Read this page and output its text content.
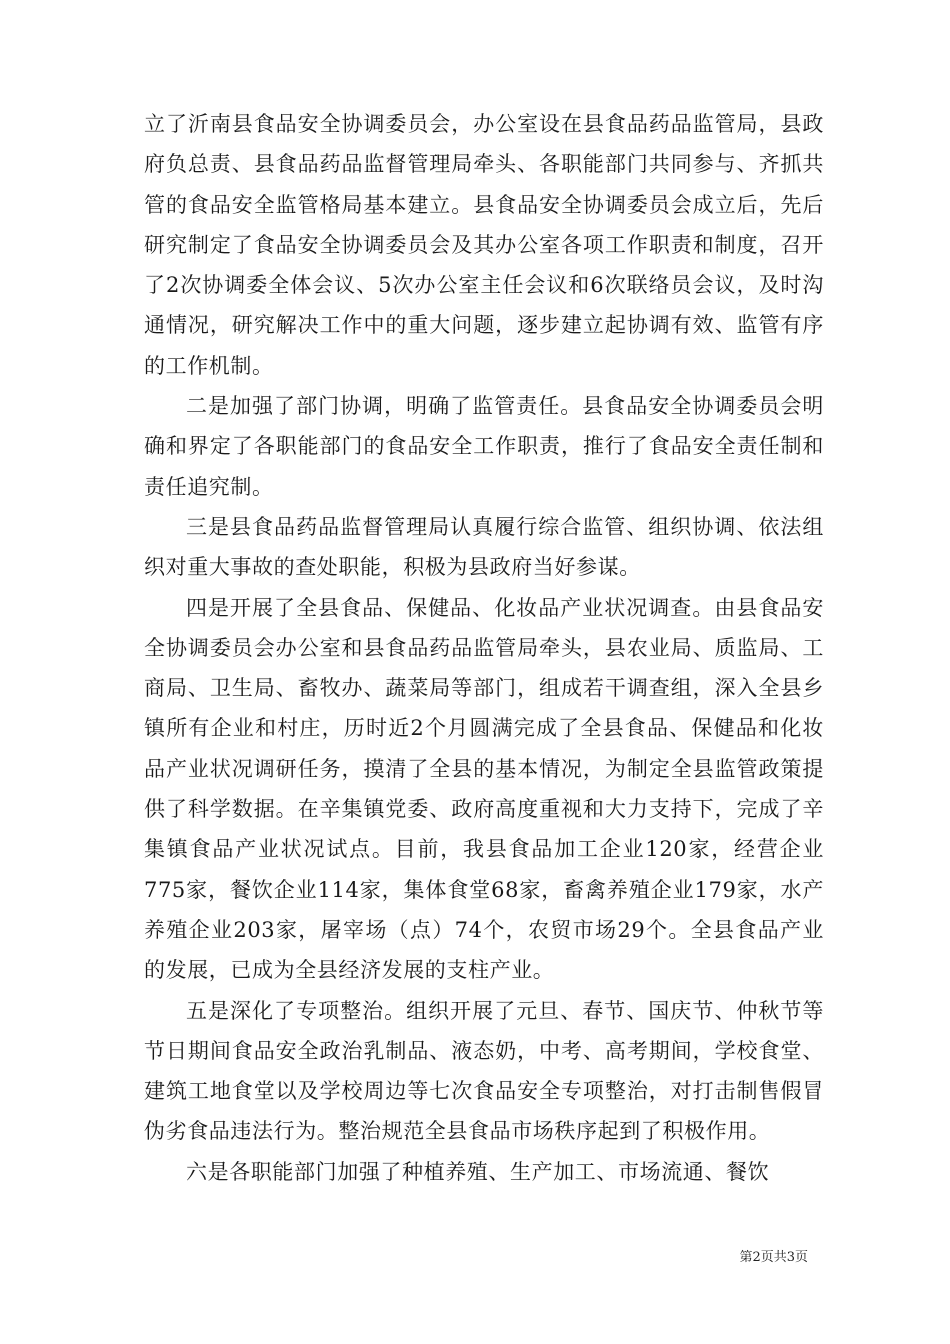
立了沂南县食品安全协调委员会，办公室设在县食品药品监管局，县政府负总责、县食品药品监督管理局牵头、各职能部门共同参与、齐抓共管的食品安全监管格局基本建立。县食品安全协调委员会成立后，先后研究制定了食品安全协调委员会及其办公室各项工作职责和制度，召开了2次协调委全体会议、5次办公室主任会议和6次联络员会议，及时沟通情况，研究解决工作中的重大问题，逐步建立起协调有效、监管有序的工作机制。

二是加强了部门协调，明确了监管责任。县食品安全协调委员会明确和界定了各职能部门的食品安全工作职责，推行了食品安全责任制和责任追究制。

三是县食品药品监督管理局认真履行综合监管、组织协调、依法组织对重大事故的查处职能，积极为县政府当好参谋。

四是开展了全县食品、保健品、化妆品产业状况调查。由县食品安全协调委员会办公室和县食品药品监管局牵头，县农业局、质监局、工商局、卫生局、畜牧办、蔬菜局等部门，组成若干调查组，深入全县乡镇所有企业和村庄，历时近2个月圆满完成了全县食品、保健品和化妆品产业状况调研任务，摸清了全县的基本情况，为制定全县监管政策提供了科学数据。在辛集镇党委、政府高度重视和大力支持下，完成了辛集镇食品产业状况试点。目前，我县食品加工企业120家，经营企业775家，餐饮企业114家，集体食堂68家，畜禽养殖企业179家，水产养殖企业203家，屠宰场（点）74个，农贸市场29个。全县食品产业的发展，已成为全县经济发展的支柱产业。

五是深化了专项整治。组织开展了元旦、春节、国庆节、仲秋节等节日期间食品安全政治乳制品、液态奶，中考、高考期间，学校食堂、建筑工地食堂以及学校周边等七次食品安全专项整治，对打击制售假冒伪劣食品违法行为。整治规范全县食品市场秩序起到了积极作用。

六是各职能部门加强了种植养殖、生产加工、市场流通、餐饮

第2页共3页
